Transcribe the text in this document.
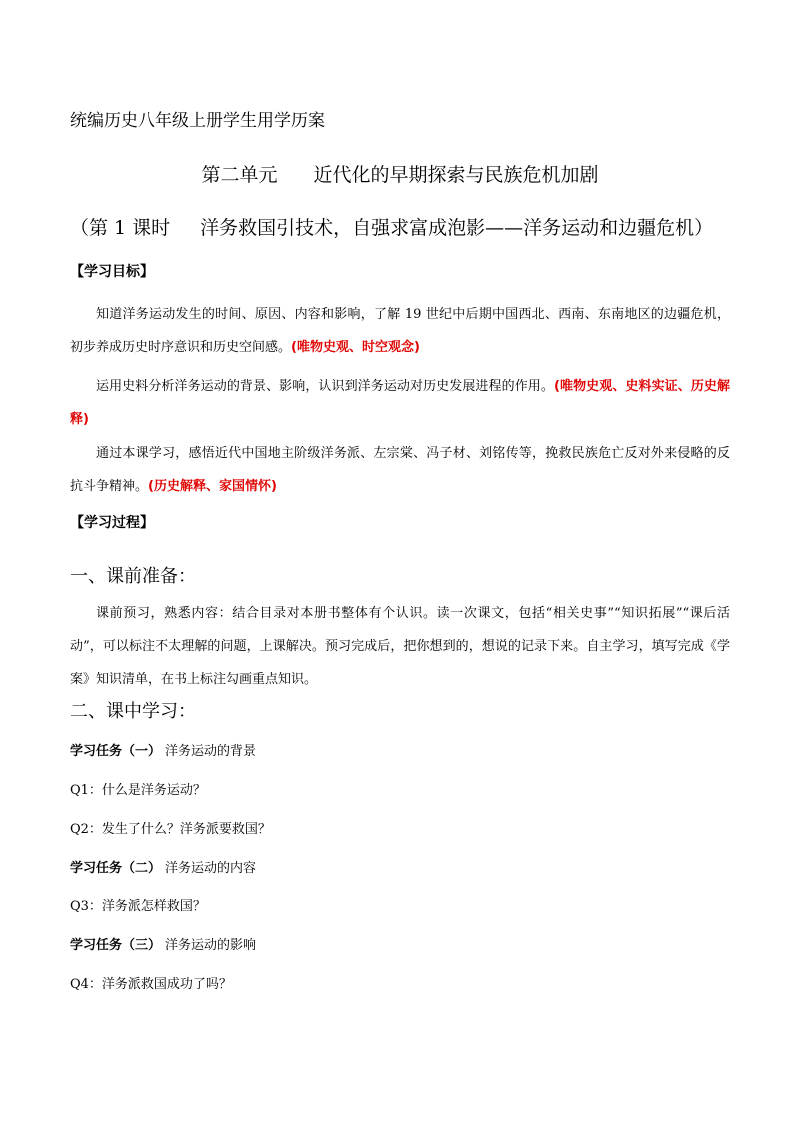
统编历史八年级上册学生用学历案
第二单元 近代化的早期探索与民族危机加剧
（第 1 课时 洋务救国引技术，自强求富成泡影——洋务运动和边疆危机）
【学习目标】
知道洋务运动发生的时间、原因、内容和影响，了解 19 世纪中后期中国西北、西南、东南地区的边疆危机，初步养成历史时序意识和历史空间感。(唯物史观、时空观念)
运用史料分析洋务运动的背景、影响，认识到洋务运动对历史发展进程的作用。(唯物史观、史料实证、历史解释)
通过本课学习，感悟近代中国地主阶级洋务派、左宗棠、冯子材、刘铭传等，挽救民族危亡反对外来侵略的反抗斗争精神。(历史解释、家国情怀)
【学习过程】
一、课前准备：
课前预习，熟悉内容：结合目录对本册书整体有个认识。读一次课文，包括“相关史事”“知识拓展”“课后活动”，可以标注不太理解的问题，上课解决。预习完成后，把你想到的，想说的记录下来。自主学习，填写完成《学案》知识清单，在书上标注勾画重点知识。
二、课中学习：
学习任务（一） 洋务运动的背景
Q1：什么是洋务运动？
Q2：发生了什么？洋务派要救国？
学习任务（二） 洋务运动的内容
Q3：洋务派怎样救国？
学习任务（三） 洋务运动的影响
Q4：洋务派救国成功了吗？
